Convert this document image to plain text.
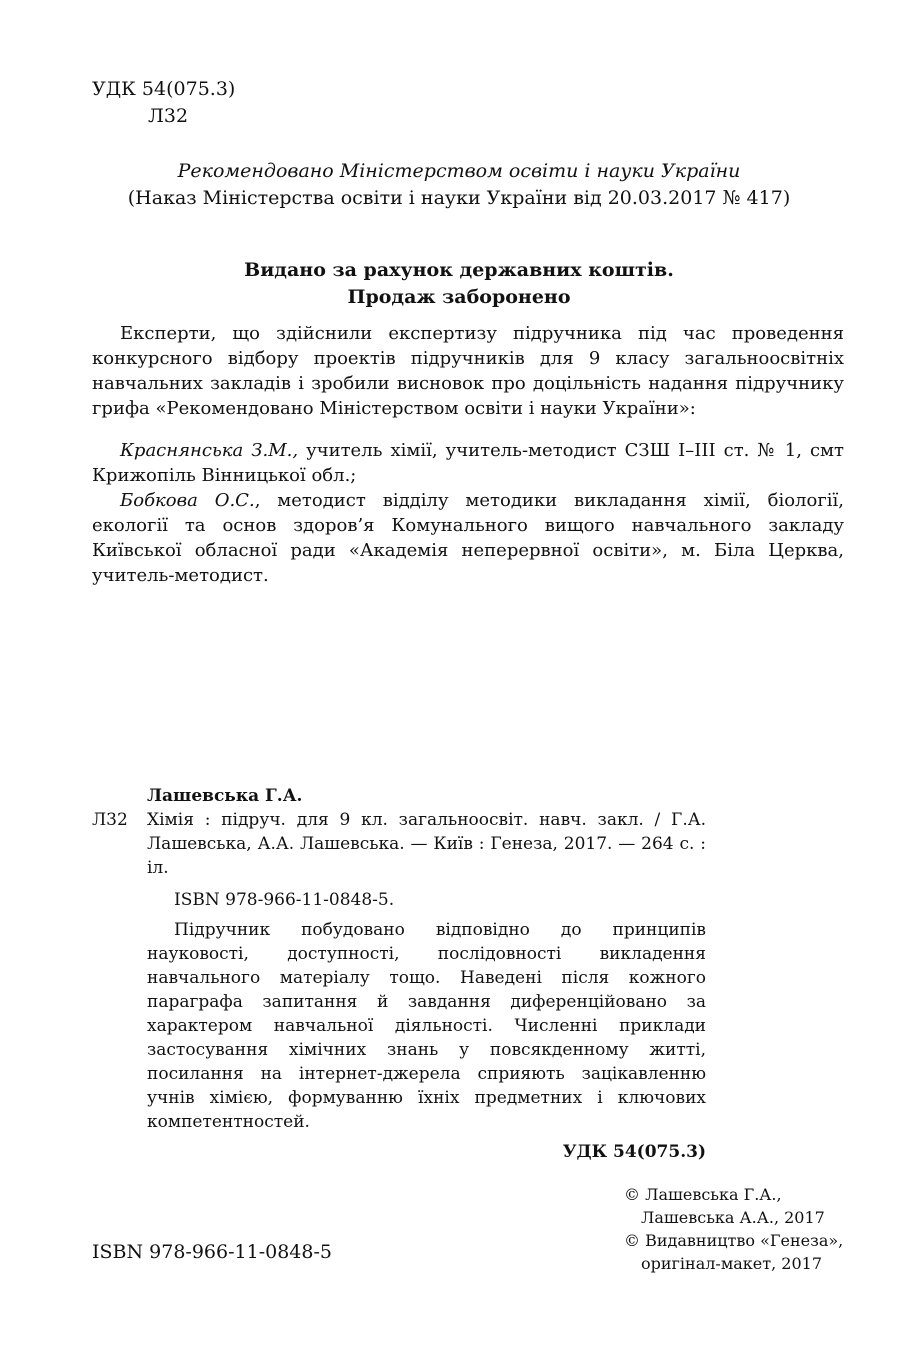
УДК 54(075.3)
Л32
Рекомендовано Міністерством освіти і науки України
(Наказ Міністерства освіти і науки України від 20.03.2017 № 417)
Видано за рахунок державних коштів.
Продаж заборонено
Експерти, що здійснили експертизу підручника під час проведення конкурсного відбору проектів підручників для 9 класу загальноосвітніх навчальних закладів і зробили висновок про доцільність надання підручнику грифа «Рекомендовано Міністерством освіти і науки України»:
Краснянська З.М., учитель хімії, учитель-методист СЗШ І–ІІІ ст. № 1, смт Крижопіль Вінницької обл.;
Бобкова О.С., методист відділу методики викладання хімії, біології, екології та основ здоров’я Комунального вищого навчального закладу Київської обласної ради «Академія неперервної освіти», м. Біла Церква, учитель-методист.
Лашевська Г.А.
Л32	Хімія : підруч. для 9 кл. загальноосвіт. навч. закл. / Г.А. Лашевська, А.А. Лашевська. — Київ : Генеза, 2017. — 264 с. : іл.
ISBN 978-966-11-0848-5.
Підручник побудовано відповідно до принципів науковості, доступності, послідовності викладення навчального матеріалу тощо. Наведені після кожного параграфа запитання й завдання диференційовано за характером навчальної діяльності. Численні приклади застосування хімічних знань у повсякденному житті, посилання на інтернет-джерела сприяють зацікавленню учнів хімією, формуванню їхніх предметних і ключових компетентностей.
УДК 54(075.3)
© Лашевська Г.А.,
Лашевська А.А., 2017
© Видавництво «Генеза»,
оригінал-макет, 2017
ISBN 978-966-11-0848-5
